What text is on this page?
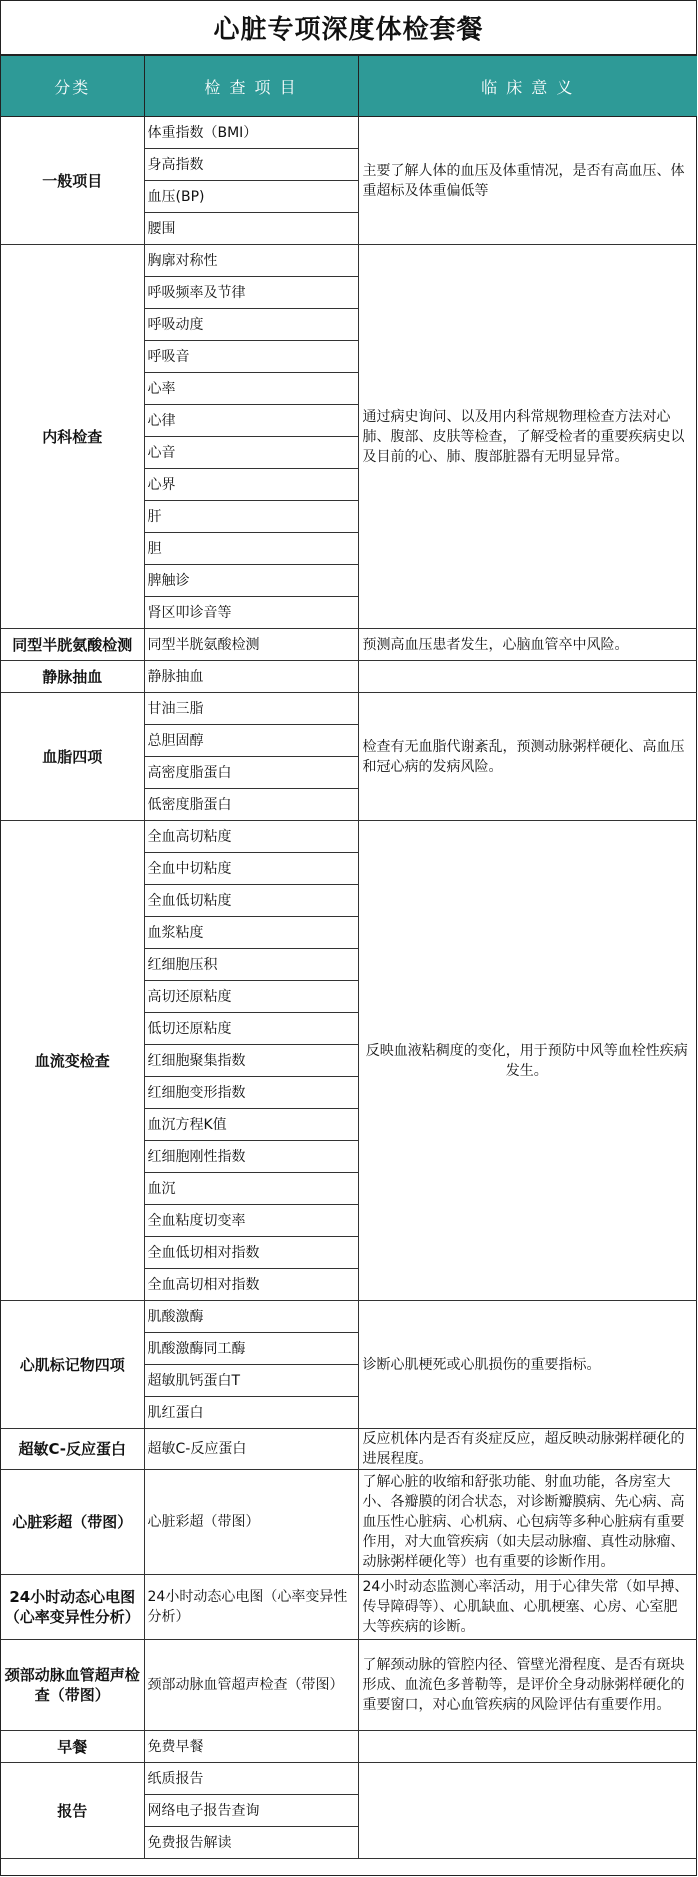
心脏专项深度体检套餐
分类	检 查 项 目	临 床 意 义
一般项目	体重指数（BMI）	主要了解人体的血压及体重情况，是否有高血压、体重超标及体重偏低等
	身高指数	
	血压(BP)	
	腰围	
内科检查	胸廓对称性	通过病史询问、以及用内科常规物理检查方法对心肺、腹部、皮肤等检查，了解受检者的重要疾病史以及目前的心、肺、腹部脏器有无明显异常。
	呼吸频率及节律	
	呼吸动度	
	呼吸音	
	心率	
	心律	
	心音	
	心界	
	肝	
	胆	
	脾触诊	
	肾区叩诊音等	
同型半胱氨酸检测	同型半胱氨酸检测	预测高血压患者发生，心脑血管卒中风险。
静脉抽血	静脉抽血	
血脂四项	甘油三脂	检查有无血脂代谢紊乱，预测动脉粥样硬化、高血压和冠心病的发病风险。
	总胆固醇	
	高密度脂蛋白	
	低密度脂蛋白	
血流变检查	全血高切粘度	反映血液粘稠度的变化，用于预防中风等血栓性疾病发生。
	全血中切粘度	
	全血低切粘度	
	血浆粘度	
	红细胞压积	
	高切还原粘度	
	低切还原粘度	
	红细胞聚集指数	
	红细胞变形指数	
	血沉方程K值	
	红细胞刚性指数	
	血沉	
	全血粘度切变率	
	全血低切相对指数	
	全血高切相对指数	
心肌标记物四项	肌酸激酶	诊断心肌梗死或心肌损伤的重要指标。
	肌酸激酶同工酶	
	超敏肌钙蛋白T	
	肌红蛋白	
超敏C-反应蛋白	超敏C-反应蛋白	反应机体内是否有炎症反应，超反映动脉粥样硬化的进展程度。
心脏彩超（带图）	心脏彩超（带图）	了解心脏的收缩和舒张功能、射血功能，各房室大小、各瓣膜的闭合状态，对诊断瓣膜病、先心病、高血压性心脏病、心机病、心包病等多种心脏病有重要作用，对大血管疾病（如夫层动脉瘤、真性动脉瘤、动脉粥样硬化等）也有重要的诊断作用。
24小时动态心电图（心率变异性分析）	24小时动态心电图（心率变异性分析）	24小时动态监测心率活动，用于心律失常（如早搏、传导障碍等）、心肌缺血、心肌梗塞、心房、心室肥大等疾病的诊断。
颈部动脉血管超声检查（带图）	颈部动脉血管超声检查（带图）	了解颈动脉的管腔内径、管壁光滑程度、是否有斑块形成、血流色多普勒等，是评价全身动脉粥样硬化的重要窗口，对心血管疾病的风险评估有重要作用。
早餐	免费早餐	
报告	纸质报告	
	网络电子报告查询	
	免费报告解读	
